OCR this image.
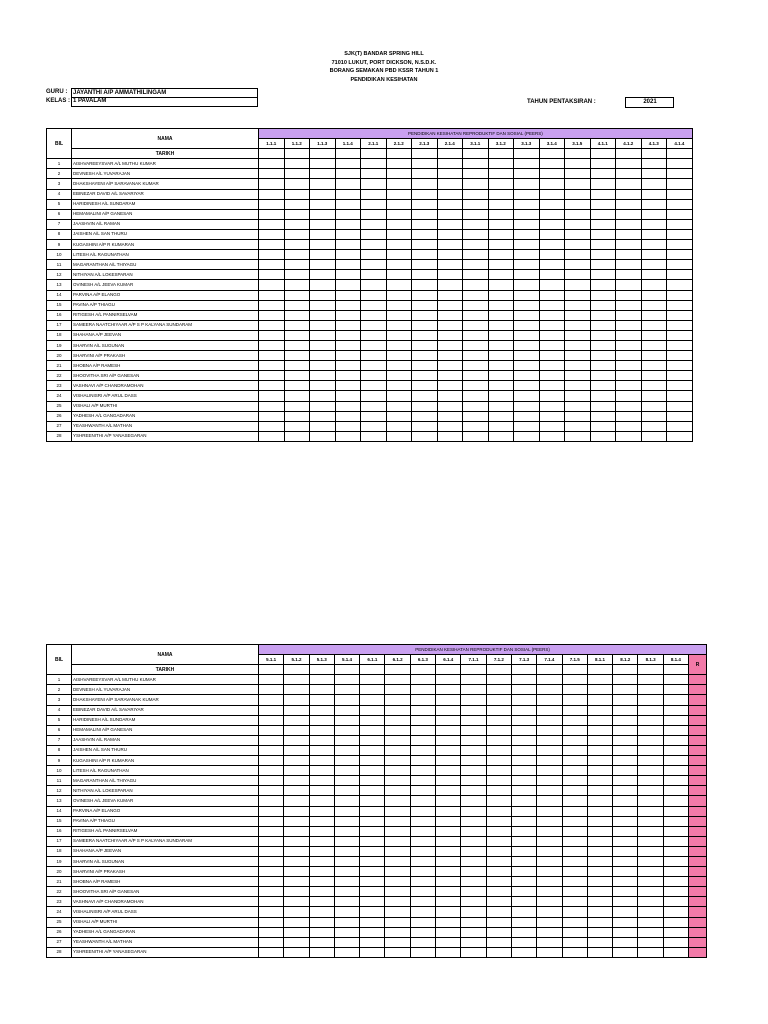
SJK(T) BANDAR SPRING HILL
71010 LUKUT, PORT DICKSON, N.S.D.K.
BORANG SEMAKAN PBD KSSR TAHUN 1
PENDIDIKAN KESIHATAN
GURU : JAYANTHI A/P AMMATHILINGAM
KELAS : 1 PAVALAM	TAHUN PENTAKSIRAN :	2021
BIL	NAMA	PENDIDIKAN KESIHATAN REPRODUKTIF DAN SOSIAL (PEERS)																
		1.1.1	1.1.2	1.1.3	1.1.4	2.1.1	2.1.2	2.1.3	2.1.4	3.1.1	3.1.2	3.1.3	3.1.4	3.1.5	4.1.1	4.1.2	4.1.3	4.1.4
	TARIKH																	
1	AISHVAREEYSVAR A/L MUTHU KUMAR																	
2	DEVNESH A/L YUVARAJAN																	
3	DHAKSHAYENI A/P SARAVANAK KUMAR																	
4	EBINEZAR DAVID A/L SAVARIYAR																	
5	HARIDINESH A/L SUNDARAM																	
6	HEMAMALINI A/P GANESAN																	
7	JAASHVIN A/L RAMAN																	
8	JAISHEN A/L SAN THURU																	
9	KUGASHINI A/P R KUMARAN																	
10	LITESH A/L RAGUNATHAN																	
11	MAGARANTHAN A/L THIYAGU																	
12	NITHIYAN A/L LOKESPARAN																	
13	OVINESH A/L JEEVA KUMAR																	
14	PARVINA A/P ELANGO																	
15	PAVINA A/P THIAGU																	
16	RITIGESH A/L PANNIRSELVAM																	
17	SAMEERA NAATCHIYAAR A/P S P KALYANA SUNDARAM																	
18	SHAHANA A/P JEEVAN																	
19	SHARVIN A/L SUGUNAN																	
20	SHARVINI A/P PRAKASH																	
21	SHOBNA A/P RAMESH																	
22	SHOOVITHA SRI A/P GANESAN																	
23	VASHNAVI A/P CHANDRAMOHAN																	
24	VISHALINISRI A/P ARUL DASS																	
25	VISHALI A/P MURTHI																	
26	YADHESH A/L GANGADARAN																	
27	YEASHWANTH A/L MATHAN																	
28	YSHREENITHI A/P YANASEGARAN																	
BIL	NAMA	PENDIDIKAN KESIHATAN REPRODUKTIF DAN SOSIAL (PEERS)																	
		5.1.1	5.1.2	5.1.3	5.1.4	6.1.1	6.1.2	6.1.3	6.1.4	7.1.1	7.1.2	7.1.3	7.1.4	7.1.5	8.1.1	8.1.2	8.1.3	8.1.4	R
	TARIKH																		
1	AISHVAREEYSVAR A/L MUTHU KUMAR																		
2	DEVNESH A/L YUVARAJAN																		
3	DHAKSHAYENI A/P SARAVANAK KUMAR																		
4	EBINEZAR DAVID A/L SAVARIYAR																		
5	HARIDINESH A/L SUNDARAM																		
6	HEMAMALINI A/P GANESAN																		
7	JAASHVIN A/L RAMAN																		
8	JAISHEN A/L SAN THURU																		
9	KUGASHINI A/P R KUMARAN																		
10	LITESH A/L RAGUNATHAN																		
11	MAGARANTHAN A/L THIYAGU																		
12	NITHIYAN A/L LOKESPARAN																		
13	OVINESH A/L JEEVA KUMAR																		
14	PARVINA A/P ELANGO																		
15	PAVINA A/P THIAGU																		
16	RITIGESH A/L PANNIRSELVAM																		
17	SAMEERA NAATCHIYAAR A/P S P KALYANA SUNDARAM																		
18	SHAHANA A/P JEEVAN																		
19	SHARVIN A/L SUGUNAN																		
20	SHARVINI A/P PRAKASH																		
21	SHOBNA A/P RAMESH																		
22	SHOOVITHA SRI A/P GANESAN																		
23	VASHNAVI A/P CHANDRAMOHAN																		
24	VISHALINISRI A/P ARUL DASS																		
25	VISHALI A/P MURTHI																		
26	YADHESH A/L GANGADARAN																		
27	YEASHWANTH A/L MATHAN																		
28	YSHREENITHI A/P YANASEGARAN																		
